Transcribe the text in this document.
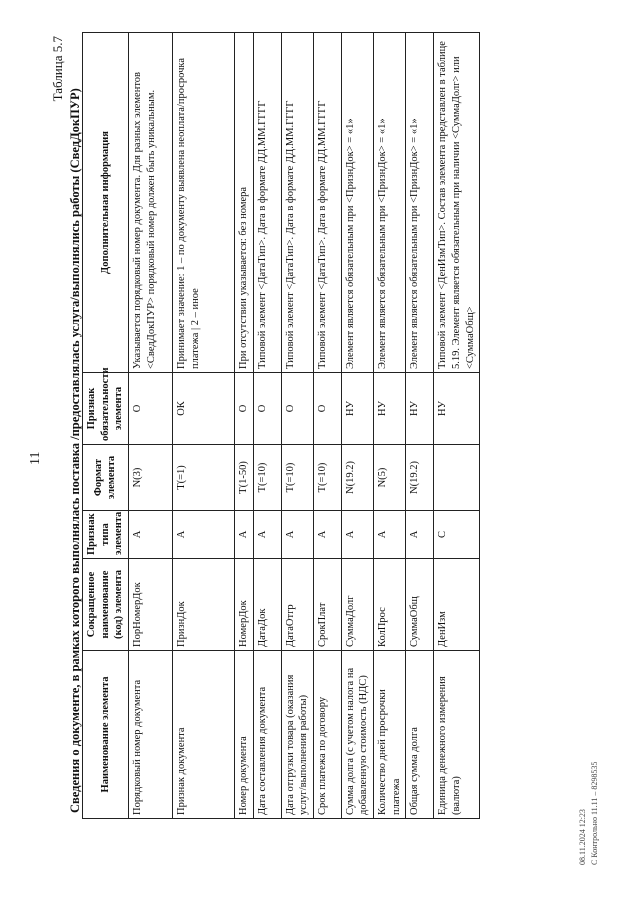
11
Таблица 5.7
Сведения о документе, в рамках которого выполнялась поставка /предоставлялась услуга/выполнялись работы (СведДокПУР) Наименование элемента	Сокращенное наименование (код) элемента	Признак типа элемента	Формат элемента	Признак обязательности элемента	Дополнительная информация
Порядковый номер документа	ПорНомерДок	А	N(3)	О	Указывается порядковый номер документа. Для разных элементов <СведДокПУР> порядковый номер должен быть уникальным.
Признак документа	ПризнДок	А	T(=1)	ОК	Принимает значение: 1 – по документу выявлена неоплата/просрочка платежа | 2 – иное
Номер документа	НомерДок	А	T(1-50)	О	При отсутствии указывается: без номера
Дата составления документа	ДатаДок	А	T(=10)	О	Типовой элемент <ДатаТип>. Дата в формате ДД.ММ.ГГГГ
Дата отгрузки товара (оказания услуг/выполнения работы)	ДатаОтгр	А	T(=10)	О	Типовой элемент <ДатаТип>. Дата в формате ДД.ММ.ГГГГ
Срок платежа по договору	СрокПлат	А	T(=10)	О	Типовой элемент <ДатаТип>. Дата в формате ДД.ММ.ГГГГ
Сумма долга (с учетом налога на добавленную стоимость (НДС)	СуммаДолг	А	N(19.2)	НУ	Элемент является обязательным при <ПризнДок> = «1»
Количество дней просрочки платежа	КолПрос	А	N(5)	НУ	Элемент является обязательным при <ПризнДок> = «1»
Общая сумма долга	СуммаОбщ	А	N(19.2)	НУ	Элемент является обязательным при <ПризнДок> = «1»
Единица денежного измерения (валюта)	ДенИзм	С		НУ	Типовой элемент <ДенИзмТип>. Состав элемента представлен в таблице 5.19. Элемент является обязательным при наличии <СуммаДолг> или <СуммаОбщ>
08.11.2024 12:23 С Контрольно 11.11 – 8298535
